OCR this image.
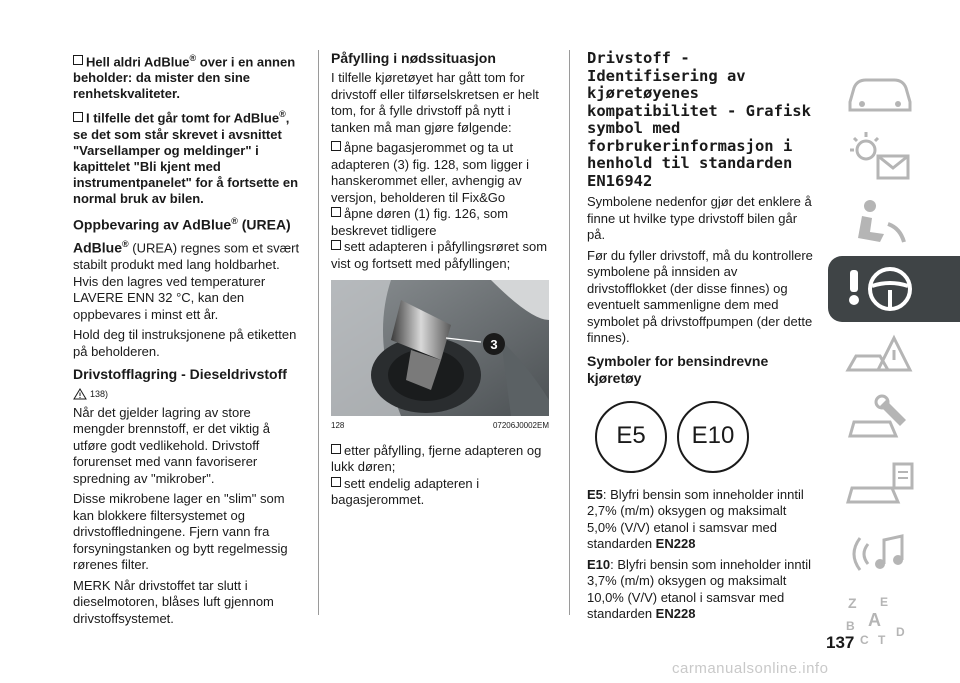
Hell aldri AdBlue® over i en annen beholder: da mister den sine renhetskvaliteter.

I tilfelle det går tomt for AdBlue®, se det som står skrevet i avsnittet "Varsellamper og meldinger" i kapittelet "Bli kjent med instrumentpanelet" for å fortsette en normal bruk av bilen.

Oppbevaring av AdBlue® (UREA)

AdBlue® (UREA) regnes som et svært stabilt produkt med lang holdbarhet. Hvis den lagres ved temperaturer LAVERE ENN 32 °C, kan den oppbevares i minst ett år.

Hold deg til instruksjonene på etiketten på beholderen.

Drivstofflagring - Dieseldrivstoff
138)

Når det gjelder lagring av store mengder brennstoff, er det viktig å utføre godt vedlikehold. Drivstoff forurenset med vann favoriserer spredning av "mikrober".

Disse mikrobene lager en "slim" som kan blokkere filtersystemet og drivstoffledningene. Fjern vann fra forsyningstanken og bytt regelmessig rørenes filter.

MERK Når drivstoffet tar slutt i dieselmotoren, blåses luft gjennom drivstoffsystemet.

Påfylling i nødssituasjon

I tilfelle kjøretøyet har gått tom for drivstoff eller tilførselskretsen er helt tom, for å fylle drivstoff på nytt i tanken må man gjøre følgende:

åpne bagasjerommet og ta ut adapteren (3) fig. 128, som ligger i hanskerommet eller, avhengig av versjon, beholderen til Fix&Go

åpne døren (1) fig. 126, som beskrevet tidligere

sett adapteren i påfyllingsrøret som vist og fortsett med påfyllingen;

3
128	07206J0002EM

etter påfylling, fjerne adapteren og lukk døren;

sett endelig adapteren i bagasjerommet.

Drivstoff - Identifisering av kjøretøyenes kompatibilitet - Grafisk symbol med forbrukerinformasjon i henhold til standarden EN16942

Symbolene nedenfor gjør det enklere å finne ut hvilke type drivstoff bilen går på.

Før du fyller drivstoff, må du kontrollere symbolene på innsiden av drivstofflokket (der disse finnes) og eventuelt sammenligne dem med symbolet på drivstoffpumpen (der dette finnes).

Symboler for bensindrevne kjøretøy
E5	E10

E5: Blyfri bensin som inneholder inntil 2,7% (m/m) oksygen og maksimalt 5,0% (V/V) etanol i samsvar med standarden EN228

E10: Blyfri bensin som inneholder inntil 3,7% (m/m) oksygen og maksimalt 10,0% (V/V) etanol i samsvar med standarden EN228

Z E
B A
C T
D
137
carmanualsonline.info
